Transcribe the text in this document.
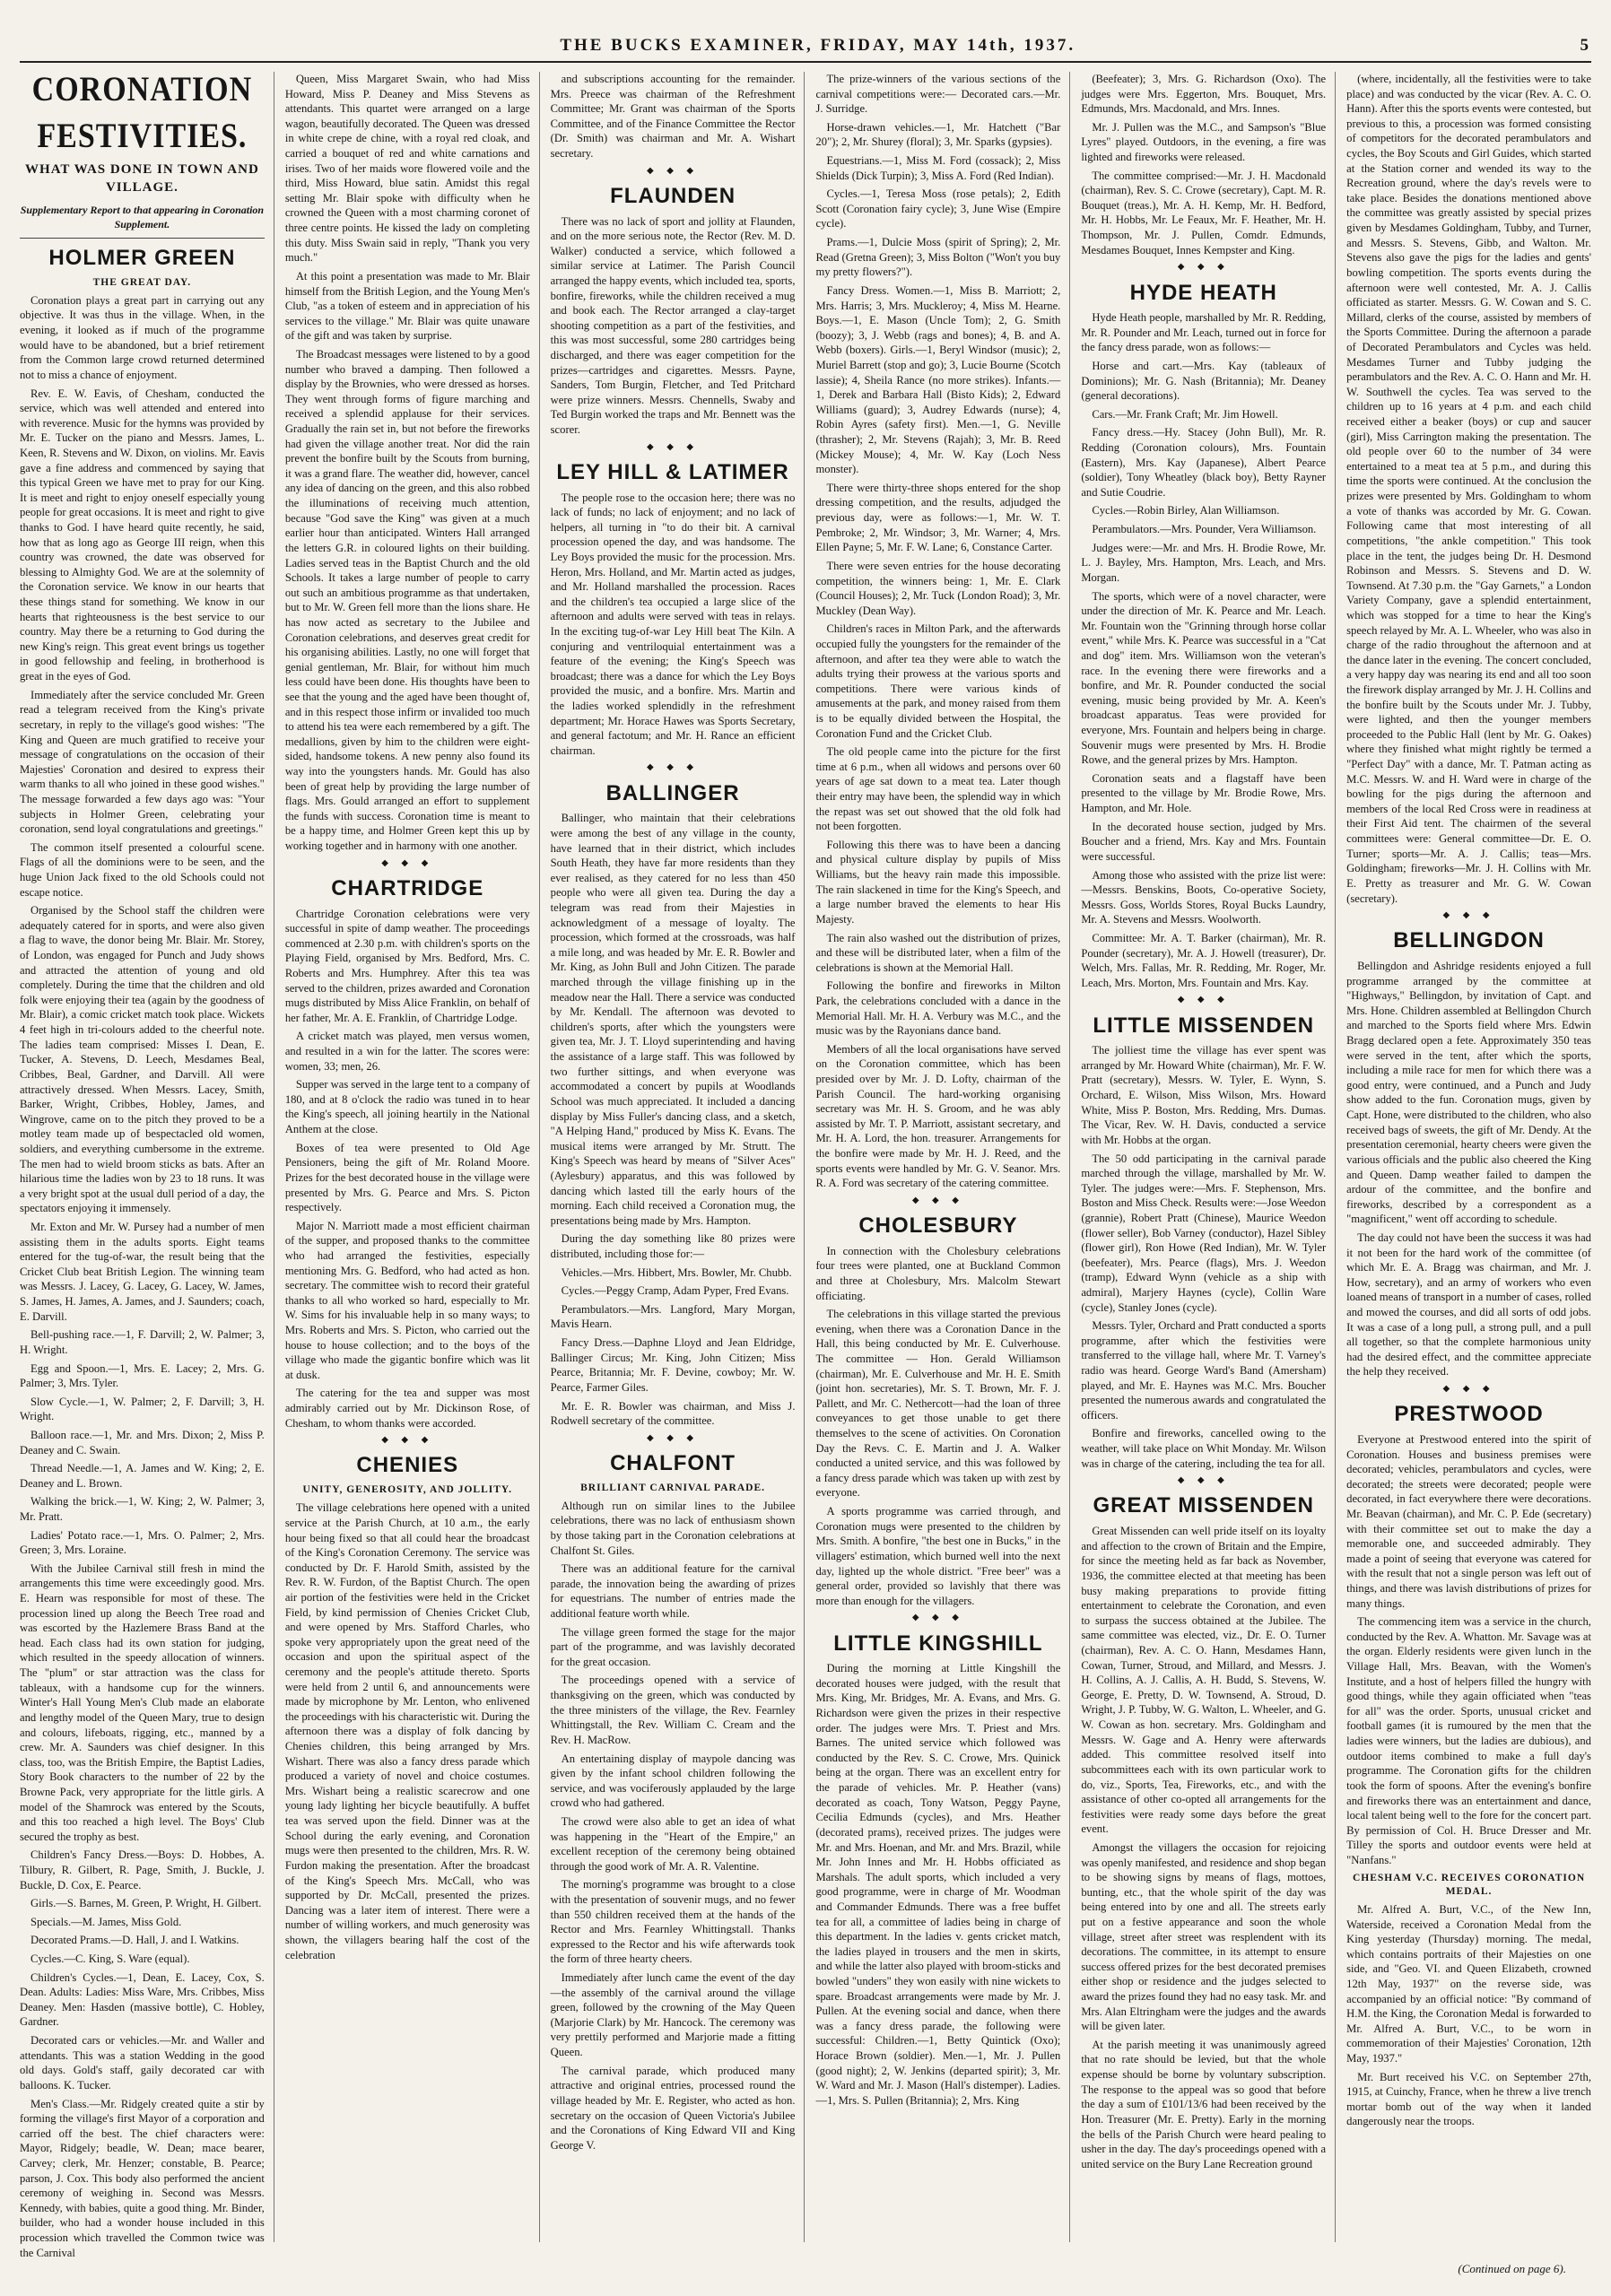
THE BUCKS EXAMINER, FRIDAY, MAY 14th, 1937.	5
CORONATION FESTIVITIES.
WHAT WAS DONE IN TOWN AND VILLAGE.
Supplementary Report to that appearing in Coronation Supplement.
HOLMER GREEN
THE GREAT DAY.

Coronation plays a great part in carrying out any objective. It was thus in the village. When, in the evening, it looked as if much of the programme would have to be abandoned, but a brief retirement from the Common large crowd returned determined not to miss a chance of enjoyment.

Rev. E. W. Eavis, of Chesham, conducted the service, which was well attended and entered into with reverence. Music for the hymns was provided by Mr. E. Tucker on the piano and Messrs. James, L. Keen, R. Stevens and W. Dixon, on violins. Mr. Eavis gave a fine address and commenced by saying that this typical Green we have met to pray for our King. It is meet and right to enjoy oneself especially young people for great occasions. It is meet and right to give thanks to God. I have heard quite recently, he said, how that as long ago as George III reign, when this country was crowned, the date was observed for blessing to Almighty God. We are at the solemnity of the Coronation service. We know in our hearts that these things stand for something. We know in our hearts that righteousness is the best service to our country. May there be a returning to God during the new King's reign. This great event brings us together in good fellowship and feeling, in brotherhood is great in the eyes of God.

Immediately after the service concluded Mr. Green read a telegram received from the King's private secretary, in reply to the village's good wishes: "The King and Queen are much gratified to receive your message of congratulations on the occasion of their Majesties' Coronation and desired to express their warm thanks to all who joined in these good wishes." The message forwarded a few days ago was: "Your subjects in Holmer Green, celebrating your coronation, send loyal congratulations and greetings."

The common itself presented a colourful scene. Flags of all the dominions were to be seen, and the huge Union Jack fixed to the old Schools could not escape notice.

Organised by the School staff the children were adequately catered for in sports, and were also given a flag to wave, the donor being Mr. Blair. Mr. Storey, of London, was engaged for Punch and Judy shows and attracted the attention of young and old completely. During the time that the children and old folk were enjoying their tea (again by the goodness of Mr. Blair), a comic cricket match took place. Wickets 4 feet high in tri-colours added to the cheerful note. The ladies team comprised: Misses I. Dean, E. Tucker, A. Stevens, D. Leech, Mesdames Beal, Cribbes, Beal, Gardner, and Darvill. All were attractively dressed. When Messrs. Lacey, Smith, Barker, Wright, Cribbes, Hobley, James, and Wingrove, came on to the pitch they proved to be a motley team made up of bespectacled old women, soldiers, and everything cumbersome in the extreme. The men had to wield broom sticks as bats. After an hilarious time the ladies won by 23 to 18 runs. It was a very bright spot at the usual dull period of a day, the spectators enjoying it immensely.

Mr. Exton and Mr. W. Pursey had a number of men assisting them in the adults sports. Eight teams entered for the tug-of-war, the result being that the Cricket Club beat British Legion. The winning team was Messrs. J. Lacey, G. Lacey, G. Lacey, W. James, S. James, H. James, A. James, and J. Saunders; coach, E. Darvill.

Bell-pushing race.—1, F. Darvill; 2, W. Palmer; 3, H. Wright.

Egg and Spoon.—1, Mrs. E. Lacey; 2, Mrs. G. Palmer; 3, Mrs. Tyler.

Slow Cycle.—1, W. Palmer; 2, F. Darvill; 3, H. Wright.

Balloon race.—1, Mr. and Mrs. Dixon; 2, Miss P. Deaney and C. Swain.

Thread Needle.—1, A. James and W. King; 2, E. Deaney and L. Brown.

Walking the brick.—1, W. King; 2, W. Palmer; 3, Mr. Pratt.

Ladies' Potato race.—1, Mrs. O. Palmer; 2, Mrs. Green; 3, Mrs. Loraine.

With the Jubilee Carnival still fresh in mind the arrangements this time were exceedingly good. Mrs. E. Hearn was responsible for most of these. The procession lined up along the Beech Tree road and was escorted by the Hazlemere Brass Band at the head. Each class had its own station for judging, which resulted in the speedy allocation of winners. The "plum" or star attraction was the class for tableaux, with a handsome cup for the winners. Winter's Hall Young Men's Club made an elaborate and lengthy model of the Queen Mary, true to design and colours, lifeboats, rigging, etc., manned by a crew. Mr. A. Saunders was chief designer. In this class, too, was the British Empire, the Baptist Ladies, Story Book characters to the number of 22 by the Browne Pack, very appropriate for the little girls. A model of the Shamrock was entered by the Scouts, and this too reached a high level. The Boys' Club secured the trophy as best.

Children's Fancy Dress.—Boys: D. Hobbes, A. Tilbury, R. Gilbert, R. Page, Smith, J. Buckle, J. Buckle, D. Cox, E. Pearce.

Girls.—S. Barnes, M. Green, P. Wright, H. Gilbert.

Specials.—M. James, Miss Gold.

Decorated Prams.—D. Hall, J. and I. Watkins.

Cycles.—C. King, S. Ware (equal).

Children's Cycles.—1, Dean, E. Lacey, Cox, S. Dean. Adults: Ladies: Miss Ware, Mrs. Cribbes, Miss Deaney. Men: Hasden (massive bottle), C. Hobley, Gardner.

Decorated cars or vehicles.—Mr. and Waller and attendants. This was a station Wedding in the good old days. Gold's staff, gaily decorated car with balloons. K. Tucker.

Men's Class.—Mr. Ridgely created quite a stir by forming the village's first Mayor of a corporation and carried off the best. The chief characters were: Mayor, Ridgely; beadle, W. Dean; mace bearer, Carvey; clerk, Mr. Henzer; constable, B. Pearce; parson, J. Cox. This body also performed the ancient ceremony of weighing in. Second was Messrs. Kennedy, with babies, quite a good thing. Mr. Binder, builder, who had a wonder house included in this procession which travelled the Common twice was the Carnival

Queen, Miss Margaret Swain, who had Miss Howard, Miss P. Deaney and Miss Stevens as attendants. This quartet were arranged on a large wagon, beautifully decorated. The Queen was dressed in white crepe de chine, with a royal red cloak, and carried a bouquet of red and white carnations and irises. Two of her maids wore flowered voile and the third, Miss Howard, blue satin. Amidst this regal setting Mr. Blair spoke with difficulty when he crowned the Queen with a most charming coronet of three centre points. He kissed the lady on completing this duty. Miss Swain said in reply, "Thank you very much."

At this point a presentation was made to Mr. Blair himself from the British Legion, and the Young Men's Club, "as a token of esteem and in appreciation of his services to the village." Mr. Blair was quite unaware of the gift and was taken by surprise.

The Broadcast messages were listened to by a good number who braved a damping. Then followed a display by the Brownies, who were dressed as horses. They went through forms of figure marching and received a splendid applause for their services. Gradually the rain set in, but not before the fireworks had given the village another treat. Nor did the rain prevent the bonfire built by the Scouts from burning, it was a grand flare. The weather did, however, cancel any idea of dancing on the green, and this also robbed the illuminations of receiving much attention, because "God save the King" was given at a much earlier hour than anticipated. Winters Hall arranged the letters G.R. in coloured lights on their building. Ladies served teas in the Baptist Church and the old Schools. It takes a large number of people to carry out such an ambitious programme as that undertaken, but to Mr. W. Green fell more than the lions share. He has now acted as secretary to the Jubilee and Coronation celebrations, and deserves great credit for his organising abilities. Lastly, no one will forget that genial gentleman, Mr. Blair, for without him much less could have been done. His thoughts have been to see that the young and the aged have been thought of, and in this respect those infirm or invalided too much to attend his tea were each remembered by a gift. The medallions, given by him to the children were eight-sided, handsome tokens. A new penny also found its way into the youngsters hands. Mr. Gould has also been of great help by providing the large number of flags. Mrs. Gould arranged an effort to supplement the funds with success. Coronation time is meant to be a happy time, and Holmer Green kept this up by working together and in harmony with one another.

◆ ◆ ◆
CHARTRIDGE

Chartridge Coronation celebrations were very successful in spite of damp weather. The proceedings commenced at 2.30 p.m. with children's sports on the Playing Field, organised by Mrs. Bedford, Mrs. C. Roberts and Mrs. Humphrey. After this tea was served to the children, prizes awarded and Coronation mugs distributed by Miss Alice Franklin, on behalf of her father, Mr. A. E. Franklin, of Chartridge Lodge.

A cricket match was played, men versus women, and resulted in a win for the latter. The scores were: women, 33; men, 26.

Supper was served in the large tent to a company of 180, and at 8 o'clock the radio was tuned in to hear the King's speech, all joining heartily in the National Anthem at the close.

Boxes of tea were presented to Old Age Pensioners, being the gift of Mr. Roland Moore. Prizes for the best decorated house in the village were presented by Mrs. G. Pearce and Mrs. S. Picton respectively.

Major N. Marriott made a most efficient chairman of the supper, and proposed thanks to the committee who had arranged the festivities, especially mentioning Mrs. G. Bedford, who had acted as hon. secretary. The committee wish to record their grateful thanks to all who worked so hard, especially to Mr. W. Sims for his invaluable help in so many ways; to Mrs. Roberts and Mrs. S. Picton, who carried out the house to house collection; and to the boys of the village who made the gigantic bonfire which was lit at dusk.

The catering for the tea and supper was most admirably carried out by Mr. Dickinson Rose, of Chesham, to whom thanks were accorded.

◆ ◆ ◆
CHENIES
UNITY, GENEROSITY, AND JOLLITY.

The village celebrations here opened with a united service at the Parish Church, at 10 a.m., the early hour being fixed so that all could hear the broadcast of the King's Coronation Ceremony. The service was conducted by Dr. F. Harold Smith, assisted by the Rev. R. W. Furdon, of the Baptist Church. The open air portion of the festivities were held in the Cricket Field, by kind permission of Chenies Cricket Club, and were opened by Mrs. Stafford Charles, who spoke very appropriately upon the great need of the occasion and upon the spiritual aspect of the ceremony and the people's attitude thereto. Sports were held from 2 until 6, and announcements were made by microphone by Mr. Lenton, who enlivened the proceedings with his characteristic wit. During the afternoon there was a display of folk dancing by Chenies children, this being arranged by Mrs. Wishart. There was also a fancy dress parade which produced a variety of novel and choice costumes. Mrs. Wishart being a realistic scarecrow and one young lady lighting her bicycle beautifully. A buffet tea was served upon the field. Dinner was at the School during the early evening, and Coronation mugs were then presented to the children, Mrs. R. W. Furdon making the presentation. After the broadcast of the King's Speech Mrs. McCall, who was supported by Dr. McCall, presented the prizes. Dancing was a later item of interest. There were a number of willing workers, and much generosity was shown, the villagers bearing half the cost of the celebration

and subscriptions accounting for the remainder. Mrs. Preece was chairman of the Refreshment Committee; Mr. Grant was chairman of the Sports Committee, and of the Finance Committee the Rector (Dr. Smith) was chairman and Mr. A. Wishart secretary.

◆ ◆ ◆
FLAUNDEN

There was no lack of sport and jollity at Flaunden, and on the more serious note, the Rector (Rev. M. D. Walker) conducted a service, which followed a similar service at Latimer. The Parish Council arranged the happy events, which included tea, sports, bonfire, fireworks, while the children received a mug and book each. The Rector arranged a clay-target shooting competition as a part of the festivities, and this was most successful, some 280 cartridges being discharged, and there was eager competition for the prizes—cartridges and cigarettes. Messrs. Payne, Sanders, Tom Burgin, Fletcher, and Ted Pritchard were prize winners. Messrs. Chennells, Swaby and Ted Burgin worked the traps and Mr. Bennett was the scorer.

◆ ◆ ◆
LEY HILL & LATIMER

The people rose to the occasion here; there was no lack of funds; no lack of enjoyment; and no lack of helpers, all turning in "to do their bit. A carnival procession opened the day, and was handsome. The Ley Boys provided the music for the procession. Mrs. Heron, Mrs. Holland, and Mr. Martin acted as judges, and Mr. Holland marshalled the procession. Races and the children's tea occupied a large slice of the afternoon and adults were served with teas in relays. In the exciting tug-of-war Ley Hill beat The Kiln. A conjuring and ventriloquial entertainment was a feature of the evening; the King's Speech was broadcast; there was a dance for which the Ley Boys provided the music, and a bonfire. Mrs. Martin and the ladies worked splendidly in the refreshment department; Mr. Horace Hawes was Sports Secretary, and general factotum; and Mr. H. Rance an efficient chairman.

◆ ◆ ◆
BALLINGER

Ballinger, who maintain that their celebrations were among the best of any village in the county, have learned that in their district, which includes South Heath, they have far more residents than they ever realised, as they catered for no less than 450 people who were all given tea. During the day a telegram was read from their Majesties in acknowledgment of a message of loyalty. The procession, which formed at the crossroads, was half a mile long, and was headed by Mr. E. R. Bowler and Mr. King, as John Bull and John Citizen. The parade marched through the village finishing up in the meadow near the Hall. There a service was conducted by Mr. Kendall. The afternoon was devoted to children's sports, after which the youngsters were given tea, Mr. J. T. Lloyd superintending and having the assistance of a large staff. This was followed by two further sittings, and when everyone was accommodated a concert by pupils at Woodlands School was much appreciated. It included a dancing display by Miss Fuller's dancing class, and a sketch, "A Helping Hand," produced by Miss K. Evans. The musical items were arranged by Mr. Strutt. The King's Speech was heard by means of "Silver Aces" (Aylesbury) apparatus, and this was followed by dancing which lasted till the early hours of the morning. Each child received a Coronation mug, the presentations being made by Mrs. Hampton.

During the day something like 80 prizes were distributed, including those for:—

Vehicles.—Mrs. Hibbert, Mrs. Bowler, Mr. Chubb.

Cycles.—Peggy Cramp, Adam Pyper, Fred Evans.

Perambulators.—Mrs. Langford, Mary Morgan, Mavis Hearn.

Fancy Dress.—Daphne Lloyd and Jean Eldridge, Ballinger Circus; Mr. King, John Citizen; Miss Pearce, Britannia; Mr. F. Devine, cowboy; Mr. W. Pearce, Farmer Giles.

Mr. E. R. Bowler was chairman, and Miss J. Rodwell secretary of the committee.

◆ ◆ ◆
CHALFONT
BRILLIANT CARNIVAL PARADE.

Although run on similar lines to the Jubilee celebrations, there was no lack of enthusiasm shown by those taking part in the Coronation celebrations at Chalfont St. Giles.

There was an additional feature for the carnival parade, the innovation being the awarding of prizes for equestrians. The number of entries made the additional feature worth while.

The village green formed the stage for the major part of the programme, and was lavishly decorated for the great occasion.

The proceedings opened with a service of thanksgiving on the green, which was conducted by the three ministers of the village, the Rev. Fearnley Whittingstall, the Rev. William C. Cream and the Rev. H. MacRow.

An entertaining display of maypole dancing was given by the infant school children following the service, and was vociferously applauded by the large crowd who had gathered.

The crowd were also able to get an idea of what was happening in the "Heart of the Empire," an excellent reception of the ceremony being obtained through the good work of Mr. A. R. Valentine.

The morning's programme was brought to a close with the presentation of souvenir mugs, and no fewer than 550 children received them at the hands of the Rector and Mrs. Fearnley Whittingstall. Thanks expressed to the Rector and his wife afterwards took the form of three hearty cheers.

Immediately after lunch came the event of the day—the assembly of the carnival around the village green, followed by the crowning of the May Queen (Marjorie Clark) by Mr. Hancock. The ceremony was very prettily performed and Marjorie made a fitting Queen.

The carnival parade, which produced many attractive and original entries, processed round the village headed by Mr. E. Register, who acted as hon. secretary on the occasion of Queen Victoria's Jubilee and the Coronations of King Edward VII and King George V.

The prize-winners of the various sections of the carnival competitions were:— Decorated cars.—Mr. J. Surridge.

Horse-drawn vehicles.—1, Mr. Hatchett ("Bar 20"); 2, Mr. Shurey (floral); 3, Mr. Sparks (gypsies).

Equestrians.—1, Miss M. Ford (cossack); 2, Miss Shields (Dick Turpin); 3, Miss A. Ford (Red Indian).

Cycles.—1, Teresa Moss (rose petals); 2, Edith Scott (Coronation fairy cycle); 3, June Wise (Empire cycle).

Prams.—1, Dulcie Moss (spirit of Spring); 2, Mr. Read (Gretna Green); 3, Miss Bolton ("Won't you buy my pretty flowers?").

Fancy Dress. Women.—1, Miss B. Marriott; 2, Mrs. Harris; 3, Mrs. Muckleroy; 4, Miss M. Hearne. Boys.—1, E. Mason (Uncle Tom); 2, G. Smith (boozy); 3, J. Webb (rags and bones); 4, B. and A. Webb (boxers). Girls.—1, Beryl Windsor (music); 2, Muriel Barrett (stop and go); 3, Lucie Bourne (Scotch lassie); 4, Sheila Rance (no more strikes). Infants.—1, Derek and Barbara Hall (Bisto Kids); 2, Edward Williams (guard); 3, Audrey Edwards (nurse); 4, Robin Ayres (safety first). Men.—1, G. Neville (thrasher); 2, Mr. Stevens (Rajah); 3, Mr. B. Reed (Mickey Mouse); 4, Mr. W. Kay (Loch Ness monster).

There were thirty-three shops entered for the shop dressing competition, and the results, adjudged the previous day, were as follows:—1, Mr. W. T. Pembroke; 2, Mr. Windsor; 3, Mr. Warner; 4, Mrs. Ellen Payne; 5, Mr. F. W. Lane; 6, Constance Carter.

There were seven entries for the house decorating competition, the winners being: 1, Mr. E. Clark (Council Houses); 2, Mr. Tuck (London Road); 3, Mr. Muckley (Dean Way).

Children's races in Milton Park, and the afterwards occupied fully the youngsters for the remainder of the afternoon, and after tea they were able to watch the adults trying their prowess at the various sports and competitions. There were various kinds of amusements at the park, and money raised from them is to be equally divided between the Hospital, the Coronation Fund and the Cricket Club.

The old people came into the picture for the first time at 6 p.m., when all widows and persons over 60 years of age sat down to a meat tea. Later though their entry may have been, the splendid way in which the repast was set out showed that the old folk had not been forgotten.

Following this there was to have been a dancing and physical culture display by pupils of Miss Williams, but the heavy rain made this impossible. The rain slackened in time for the King's Speech, and a large number braved the elements to hear His Majesty.

The rain also washed out the distribution of prizes, and these will be distributed later, when a film of the celebrations is shown at the Memorial Hall.

Following the bonfire and fireworks in Milton Park, the celebrations concluded with a dance in the Memorial Hall. Mr. H. A. Verbury was M.C., and the music was by the Rayonians dance band.

Members of all the local organisations have served on the Coronation committee, which has been presided over by Mr. J. D. Lofty, chairman of the Parish Council. The hard-working organising secretary was Mr. H. S. Groom, and he was ably assisted by Mr. T. P. Marriott, assistant secretary, and Mr. H. A. Lord, the hon. treasurer. Arrangements for the bonfire were made by Mr. H. J. Reed, and the sports events were handled by Mr. G. V. Seanor. Mrs. R. A. Ford was secretary of the catering committee.

◆ ◆ ◆
CHOLESBURY

In connection with the Cholesbury celebrations four trees were planted, one at Buckland Common and three at Cholesbury, Mrs. Malcolm Stewart officiating.

The celebrations in this village started the previous evening, when there was a Coronation Dance in the Hall, this being conducted by Mr. E. Culverhouse. The committee — Hon. Gerald Williamson (chairman), Mr. E. Culverhouse and Mr. H. E. Smith (joint hon. secretaries), Mr. S. T. Brown, Mr. F. J. Pallett, and Mr. C. Nethercott—had the loan of three conveyances to get those unable to get there themselves to the scene of activities. On Coronation Day the Revs. C. E. Martin and J. A. Walker conducted a united service, and this was followed by a fancy dress parade which was taken up with zest by everyone.

A sports programme was carried through, and Coronation mugs were presented to the children by Mrs. Smith. A bonfire, "the best one in Bucks," in the villagers' estimation, which burned well into the next day, lighted up the whole district. "Free beer" was a general order, provided so lavishly that there was more than enough for the villagers.

◆ ◆ ◆
LITTLE KINGSHILL

During the morning at Little Kingshill the decorated houses were judged, with the result that Mrs. King, Mr. Bridges, Mr. A. Evans, and Mrs. G. Richardson were given the prizes in their respective order. The judges were Mrs. T. Priest and Mrs. Barnes. The united service which followed was conducted by the Rev. S. C. Crowe, Mrs. Quinick being at the organ. There was an excellent entry for the parade of vehicles. Mr. P. Heather (vans) decorated as coach, Tony Watson, Peggy Payne, Cecilia Edmunds (cycles), and Mrs. Heather (decorated prams), received prizes. The judges were Mr. and Mrs. Hoenan, and Mr. and Mrs. Brazil, while Mr. John Innes and Mr. H. Hobbs officiated as Marshals. The adult sports, which included a very good programme, were in charge of Mr. Woodman and Commander Edmunds. There was a free buffet tea for all, a committee of ladies being in charge of this department. In the ladies v. gents cricket match, the ladies played in trousers and the men in skirts, and while the latter also played with broom-sticks and bowled "unders" they won easily with nine wickets to spare. Broadcast arrangements were made by Mr. J. Pullen. At the evening social and dance, when there was a fancy dress parade, the following were successful: Children.—1, Betty Quintick (Oxo); Horace Brown (soldier). Men.—1, Mr. J. Pullen (good night); 2, W. Jenkins (departed spirit); 3, Mr. W. Ward and Mr. J. Mason (Hall's distemper). Ladies.—1, Mrs. S. Pullen (Britannia); 2, Mrs. King

(Beefeater); 3, Mrs. G. Richardson (Oxo). The judges were Mrs. Eggerton, Mrs. Bouquet, Mrs. Edmunds, Mrs. Macdonald, and Mrs. Innes.

Mr. J. Pullen was the M.C., and Sampson's "Blue Lyres" played. Outdoors, in the evening, a fire was lighted and fireworks were released.

The committee comprised:—Mr. J. H. Macdonald (chairman), Rev. S. C. Crowe (secretary), Capt. M. R. Bouquet (treas.), Mr. A. H. Kemp, Mr. H. Bedford, Mr. H. Hobbs, Mr. Le Feaux, Mr. F. Heather, Mr. H. Thompson, Mr. J. Pullen, Comdr. Edmunds, Mesdames Bouquet, Innes Kempster and King.

◆ ◆ ◆
HYDE HEATH

Hyde Heath people, marshalled by Mr. R. Redding, Mr. R. Pounder and Mr. Leach, turned out in force for the fancy dress parade, won as follows:—

Horse and cart.—Mrs. Kay (tableaux of Dominions); Mr. G. Nash (Britannia); Mr. Deaney (general decorations).

Cars.—Mr. Frank Craft; Mr. Jim Howell.

Fancy dress.—Hy. Stacey (John Bull), Mr. R. Redding (Coronation colours), Mrs. Fountain (Eastern), Mrs. Kay (Japanese), Albert Pearce (soldier), Tony Wheatley (black boy), Betty Rayner and Sutie Coudrie.

Cycles.—Robin Birley, Alan Williamson.

Perambulators.—Mrs. Pounder, Vera Williamson.

Judges were:—Mr. and Mrs. H. Brodie Rowe, Mr. L. J. Bayley, Mrs. Hampton, Mrs. Leach, and Mrs. Morgan.

The sports, which were of a novel character, were under the direction of Mr. K. Pearce and Mr. Leach. Mr. Fountain won the "Grinning through horse collar event," while Mrs. K. Pearce was successful in a "Cat and dog" item. Mrs. Williamson won the veteran's race. In the evening there were fireworks and a bonfire, and Mr. R. Pounder conducted the social evening, music being provided by Mr. A. Keen's broadcast apparatus. Teas were provided for everyone, Mrs. Fountain and helpers being in charge. Souvenir mugs were presented by Mrs. H. Brodie Rowe, and the general prizes by Mrs. Hampton.

Coronation seats and a flagstaff have been presented to the village by Mr. Brodie Rowe, Mrs. Hampton, and Mr. Hole.

In the decorated house section, judged by Mrs. Boucher and a friend, Mrs. Kay and Mrs. Fountain were successful.

Among those who assisted with the prize list were:—Messrs. Benskins, Boots, Co-operative Society, Messrs. Goss, Worlds Stores, Royal Bucks Laundry, Mr. A. Stevens and Messrs. Woolworth.

Committee: Mr. A. T. Barker (chairman), Mr. R. Pounder (secretary), Mr. A. J. Howell (treasurer), Dr. Welch, Mrs. Fallas, Mr. R. Redding, Mr. Roger, Mr. Leach, Mrs. Morton, Mrs. Fountain and Mrs. Kay.

◆ ◆ ◆
LITTLE MISSENDEN

The jolliest time the village has ever spent was arranged by Mr. Howard White (chairman), Mr. F. W. Pratt (secretary), Messrs. W. Tyler, E. Wynn, S. Orchard, E. Wilson, Miss Wilson, Mrs. Howard White, Miss P. Boston, Mrs. Redding, Mrs. Dumas. The Vicar, Rev. W. H. Davis, conducted a service with Mr. Hobbs at the organ.

The 50 odd participating in the carnival parade marched through the village, marshalled by Mr. W. Tyler. The judges were:—Mrs. F. Stephenson, Mrs. Boston and Miss Check. Results were:—Jose Weedon (grannie), Robert Pratt (Chinese), Maurice Weedon (flower seller), Bob Varney (conductor), Hazel Sibley (flower girl), Ron Howe (Red Indian), Mr. W. Tyler (beefeater), Mrs. Pearce (flags), Mrs. J. Weedon (tramp), Edward Wynn (vehicle as a ship with admiral), Marjery Haynes (cycle), Collin Ware (cycle), Stanley Jones (cycle).

Messrs. Tyler, Orchard and Pratt conducted a sports programme, after which the festivities were transferred to the village hall, where Mr. T. Varney's radio was heard. George Ward's Band (Amersham) played, and Mr. E. Haynes was M.C. Mrs. Boucher presented the numerous awards and congratulated the officers.

Bonfire and fireworks, cancelled owing to the weather, will take place on Whit Monday. Mr. Wilson was in charge of the catering, including the tea for all.

◆ ◆ ◆
GREAT MISSENDEN

Great Missenden can well pride itself on its loyalty and affection to the crown of Britain and the Empire, for since the meeting held as far back as November, 1936, the committee elected at that meeting has been busy making preparations to provide fitting entertainment to celebrate the Coronation, and even to surpass the success obtained at the Jubilee. The same committee was elected, viz., Dr. E. O. Turner (chairman), Rev. A. C. O. Hann, Mesdames Hann, Cowan, Turner, Stroud, and Millard, and Messrs. J. H. Collins, A. J. Callis, A. H. Budd, S. Stevens, W. George, E. Pretty, D. W. Townsend, A. Stroud, D. Wright, J. P. Tubby, W. G. Walton, L. Wheeler, and G. W. Cowan as hon. secretary. Mrs. Goldingham and Messrs. W. Gage and A. Henry were afterwards added. This committee resolved itself into subcommittees each with its own particular work to do, viz., Sports, Tea, Fireworks, etc., and with the assistance of other co-opted all arrangements for the festivities were ready some days before the great event.

Amongst the villagers the occasion for rejoicing was openly manifested, and residence and shop began to be showing signs by means of flags, mottoes, bunting, etc., that the whole spirit of the day was being entered into by one and all. The streets early put on a festive appearance and soon the whole village, street after street was resplendent with its decorations. The committee, in its attempt to ensure success offered prizes for the best decorated premises either shop or residence and the judges selected to award the prizes found they had no easy task. Mr. and Mrs. Alan Eltringham were the judges and the awards will be given later.

At the parish meeting it was unanimously agreed that no rate should be levied, but that the whole expense should be borne by voluntary subscription. The response to the appeal was so good that before the day a sum of £101/13/6 had been received by the Hon. Treasurer (Mr. E. Pretty). Early in the morning the bells of the Parish Church were heard pealing to usher in the day. The day's proceedings opened with a united service on the Bury Lane Recreation ground

(where, incidentally, all the festivities were to take place) and was conducted by the vicar (Rev. A. C. O. Hann). After this the sports events were contested, but previous to this, a procession was formed consisting of competitors for the decorated perambulators and cycles, the Boy Scouts and Girl Guides, which started at the Station corner and wended its way to the Recreation ground, where the day's revels were to take place. Besides the donations mentioned above the committee was greatly assisted by special prizes given by Mesdames Goldingham, Tubby, and Turner, and Messrs. S. Stevens, Gibb, and Walton. Mr. Stevens also gave the pigs for the ladies and gents' bowling competition. The sports events during the afternoon were well contested, Mr. A. J. Callis officiated as starter. Messrs. G. W. Cowan and S. C. Millard, clerks of the course, assisted by members of the Sports Committee. During the afternoon a parade of Decorated Perambulators and Cycles was held. Mesdames Turner and Tubby judging the perambulators and the Rev. A. C. O. Hann and Mr. H. W. Southwell the cycles. Tea was served to the children up to 16 years at 4 p.m. and each child received either a beaker (boys) or cup and saucer (girl), Miss Carrington making the presentation. The old people over 60 to the number of 34 were entertained to a meat tea at 5 p.m., and during this time the sports were continued. At the conclusion the prizes were presented by Mrs. Goldingham to whom a vote of thanks was accorded by Mr. G. Cowan. Following came that most interesting of all competitions, "the ankle competition." This took place in the tent, the judges being Dr. H. Desmond Robinson and Messrs. S. Stevens and D. W. Townsend. At 7.30 p.m. the "Gay Garnets," a London Variety Company, gave a splendid entertainment, which was stopped for a time to hear the King's speech relayed by Mr. A. L. Wheeler, who was also in charge of the radio throughout the afternoon and at the dance later in the evening. The concert concluded, a very happy day was nearing its end and all too soon the firework display arranged by Mr. J. H. Collins and the bonfire built by the Scouts under Mr. J. Tubby, were lighted, and then the younger members proceeded to the Public Hall (lent by Mr. G. Oakes) where they finished what might rightly be termed a "Perfect Day" with a dance, Mr. T. Patman acting as M.C. Messrs. W. and H. Ward were in charge of the bowling for the pigs during the afternoon and members of the local Red Cross were in readiness at their First Aid tent. The chairmen of the several committees were: General committee—Dr. E. O. Turner; sports—Mr. A. J. Callis; teas—Mrs. Goldingham; fireworks—Mr. J. H. Collins with Mr. E. Pretty as treasurer and Mr. G. W. Cowan (secretary).

◆ ◆ ◆
BELLINGDON

Bellingdon and Ashridge residents enjoyed a full programme arranged by the committee at "Highways," Bellingdon, by invitation of Capt. and Mrs. Hone. Children assembled at Bellingdon Church and marched to the Sports field where Mrs. Edwin Bragg declared open a fete. Approximately 350 teas were served in the tent, after which the sports, including a mile race for men for which there was a good entry, were continued, and a Punch and Judy show added to the fun. Coronation mugs, given by Capt. Hone, were distributed to the children, who also received bags of sweets, the gift of Mr. Dendy. At the presentation ceremonial, hearty cheers were given the various officials and the public also cheered the King and Queen. Damp weather failed to dampen the ardour of the committee, and the bonfire and fireworks, described by a correspondent as a "magnificent," went off according to schedule.

The day could not have been the success it was had it not been for the hard work of the committee (of which Mr. E. A. Bragg was chairman, and Mr. J. How, secretary), and an army of workers who even loaned means of transport in a number of cases, rolled and mowed the courses, and did all sorts of odd jobs. It was a case of a long pull, a strong pull, and a pull all together, so that the complete harmonious unity had the desired effect, and the committee appreciate the help they received.

◆ ◆ ◆
PRESTWOOD

Everyone at Prestwood entered into the spirit of Coronation. Houses and business premises were decorated; vehicles, perambulators and cycles, were decorated; the streets were decorated; people were decorated, in fact everywhere there were decorations. Mr. Beavan (chairman), and Mr. C. P. Ede (secretary) with their committee set out to make the day a memorable one, and succeeded admirably. They made a point of seeing that everyone was catered for with the result that not a single person was left out of things, and there was lavish distributions of prizes for many things.

The commencing item was a service in the church, conducted by the Rev. A. Whatton. Mr. Savage was at the organ. Elderly residents were given lunch in the Village Hall, Mrs. Beavan, with the Women's Institute, and a host of helpers filled the hungry with good things, while they again officiated when "teas for all" was the order. Sports, unusual cricket and football games (it is rumoured by the men that the ladies were winners, but the ladies are dubious), and outdoor items combined to make a full day's programme. The Coronation gifts for the children took the form of spoons. After the evening's bonfire and fireworks there was an entertainment and dance, local talent being well to the fore for the concert part. By permission of Col. H. Bruce Dresser and Mr. Tilley the sports and outdoor events were held at "Nanfans."

CHESHAM V.C. RECEIVES CORONATION MEDAL.

Mr. Alfred A. Burt, V.C., of the New Inn, Waterside, received a Coronation Medal from the King yesterday (Thursday) morning. The medal, which contains portraits of their Majesties on one side, and "Geo. VI. and Queen Elizabeth, crowned 12th May, 1937" on the reverse side, was accompanied by an official notice: "By command of H.M. the King, the Coronation Medal is forwarded to Mr. Alfred A. Burt, V.C., to be worn in commemoration of their Majesties' Coronation, 12th May, 1937."

Mr. Burt received his V.C. on September 27th, 1915, at Cuinchy, France, when he threw a live trench mortar bomb out of the way when it landed dangerously near the troops.

(Continued on page 6).
